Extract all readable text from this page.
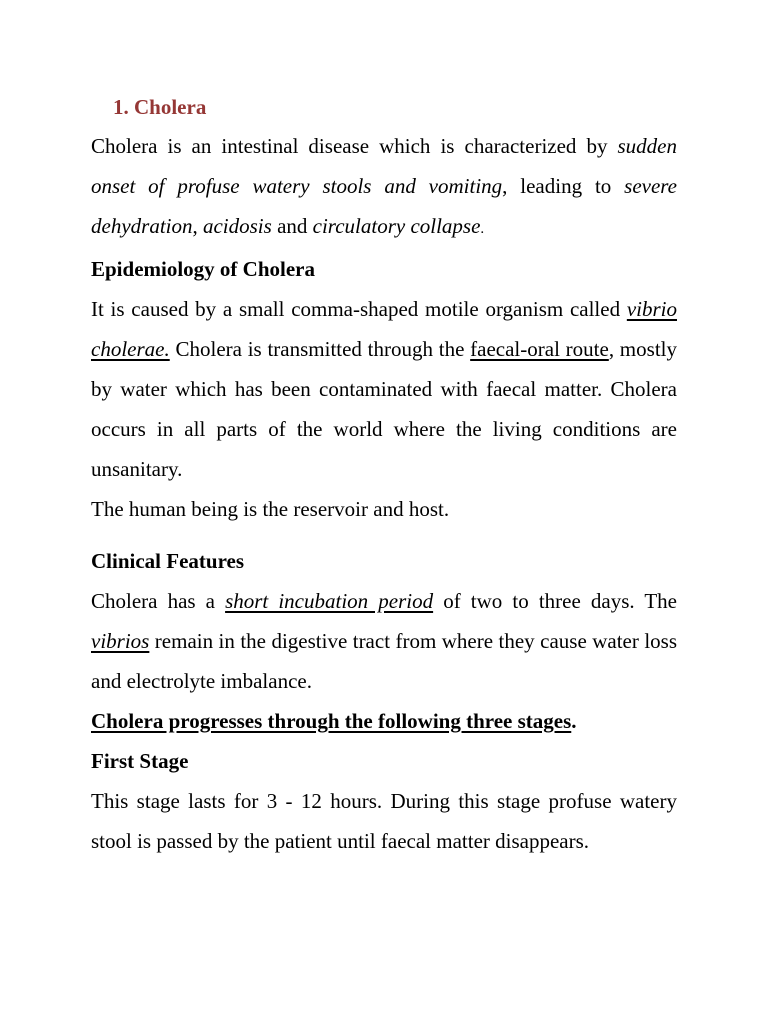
1. Cholera

Cholera is an intestinal disease which is characterized by sudden onset of profuse watery stools and vomiting, leading to severe dehydration, acidosis and circulatory collapse.

Epidemiology of Cholera

It is caused by a small comma-shaped motile organism called vibrio cholerae. Cholera is transmitted through the faecal-oral route, mostly by water which has been contaminated with faecal matter. Cholera occurs in all parts of the world where the living conditions are unsanitary.

The human being is the reservoir and host.

Clinical Features

Cholera has a short incubation period of two to three days. The vibrios remain in the digestive tract from where they cause water loss and electrolyte imbalance.

Cholera progresses through the following three stages.
First Stage

This stage lasts for 3 - 12 hours. During this stage profuse watery stool is passed by the patient until faecal matter disappears.
